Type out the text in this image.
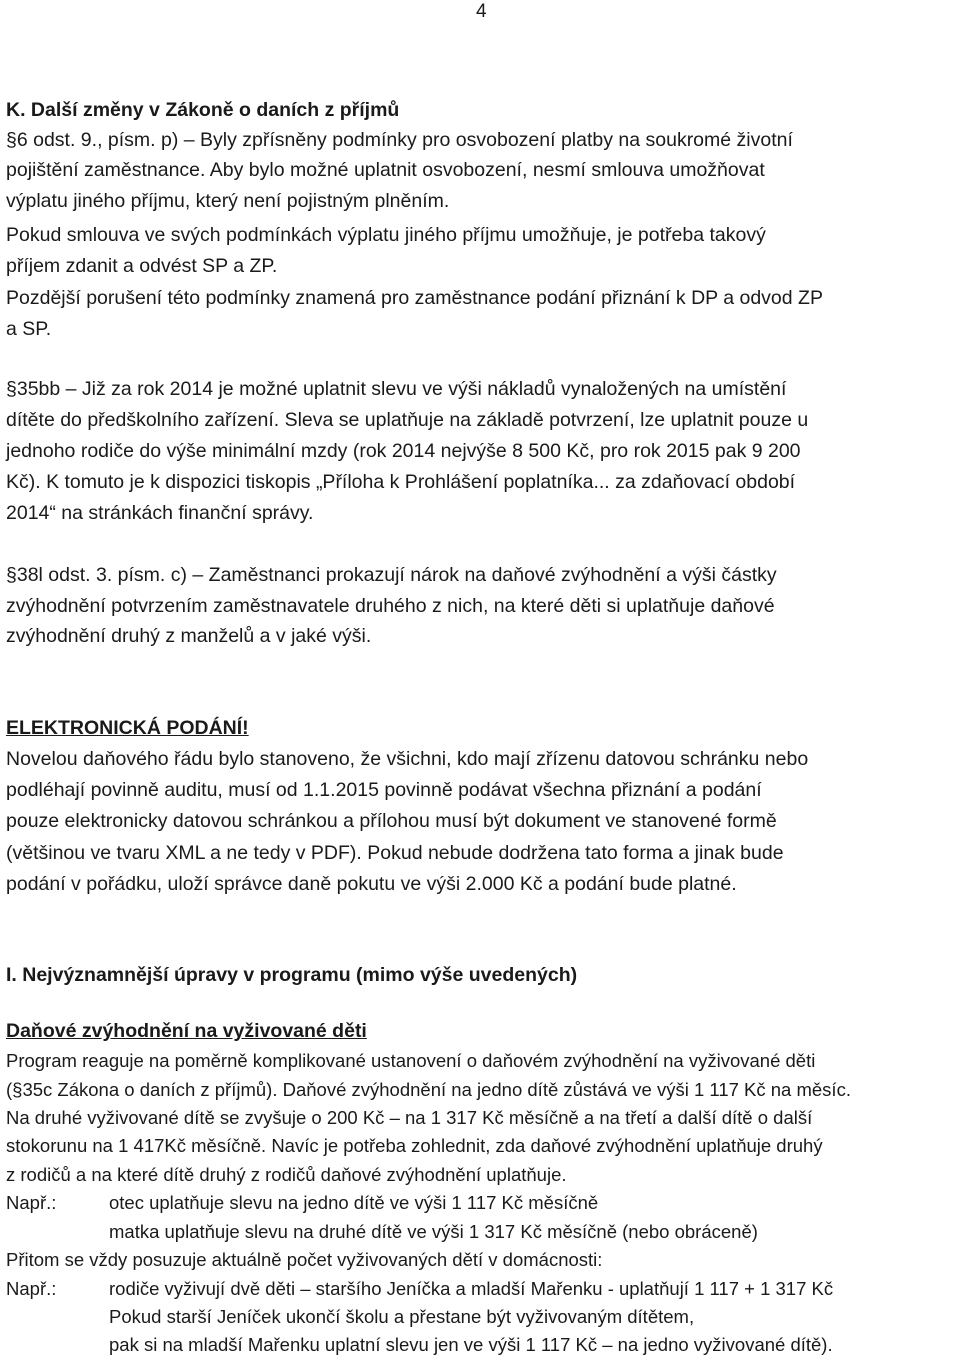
4
K. Další změny v Zákoně o daních z příjmů
§6 odst. 9., písm. p) – Byly zpřísněny podmínky pro osvobození platby na soukromé životní
pojištění zaměstnance. Aby bylo možné uplatnit osvobození, nesmí smlouva umožňovat
výplatu jiného příjmu, který není pojistným plněním.
Pokud smlouva ve svých podmínkách výplatu jiného příjmu umožňuje, je potřeba takový
příjem zdanit a odvést SP a ZP.
Pozdější porušení této podmínky znamená pro zaměstnance podání přiznání k DP a odvod ZP
a SP.
§35bb – Již za rok 2014 je možné uplatnit slevu ve výši nákladů vynaložených na umístění
dítěte do předškolního zařízení. Sleva se uplatňuje na základě potvrzení, lze uplatnit pouze u
jednoho rodiče do výše minimální mzdy (rok 2014 nejvýše 8 500 Kč, pro rok 2015 pak 9 200
Kč). K tomuto je k dispozici tiskopis „Příloha k Prohlášení poplatníka... za zdaňovací období
2014“ na stránkách finanční správy.
§38l odst. 3. písm. c) – Zaměstnanci prokazují nárok na daňové zvýhodnění a výši částky
zvýhodnění potvrzením zaměstnavatele druhého z nich, na které děti si uplatňuje daňové
zvýhodnění druhý z manželů a v jaké výši.
ELEKTRONICKÁ PODÁNÍ!
Novelou daňového řádu bylo stanoveno, že všichni, kdo mají zřízenu datovou schránku nebo
podléhají povinně auditu, musí od 1.1.2015 povinně podávat všechna přiznání a podání
pouze elektronicky datovou schránkou a přílohou musí být dokument ve stanovené formě
(většinou ve tvaru XML a ne tedy v PDF). Pokud nebude dodržena tato forma a jinak bude
podání v pořádku, uloží správce daně pokutu ve výši 2.000 Kč a podání bude platné.
I. Nejvýznamnější úpravy v programu (mimo výše uvedených)
Daňové zvýhodnění na vyživované děti
Program reaguje na poměrně komplikované ustanovení o daňovém zvýhodnění na vyživované děti
(§35c Zákona o daních z příjmů). Daňové zvýhodnění na jedno dítě zůstává ve výši 1 117 Kč na měsíc.
Na druhé vyživované dítě se zvyšuje o 200 Kč – na 1 317 Kč měsíčně a na třetí a další dítě o další
stokorunu na 1 417Kč měsíčně. Navíc je potřeba zohlednit, zda daňové zvýhodnění uplatňuje druhý
z rodičů a na které dítě druhý z rodičů daňové zvýhodnění uplatňuje.
Např.:	otec uplatňuje slevu na jedno dítě ve výši 1 117 Kč měsíčně
matka uplatňuje slevu na druhé dítě ve výši 1 317 Kč měsíčně (nebo obráceně)
Přitom se vždy posuzuje aktuálně počet vyživovaných dětí v domácnosti:
Např.:	rodiče vyživují dvě děti – staršího Jeníčka a mladší Mařenku - uplatňují 1 117 + 1 317 Kč
Pokud starší Jeníček ukončí školu a přestane být vyživovaným dítětem,
pak si na mladší Mařenku uplatní slevu jen ve výši 1 117 Kč – na jedno vyživované dítě).
